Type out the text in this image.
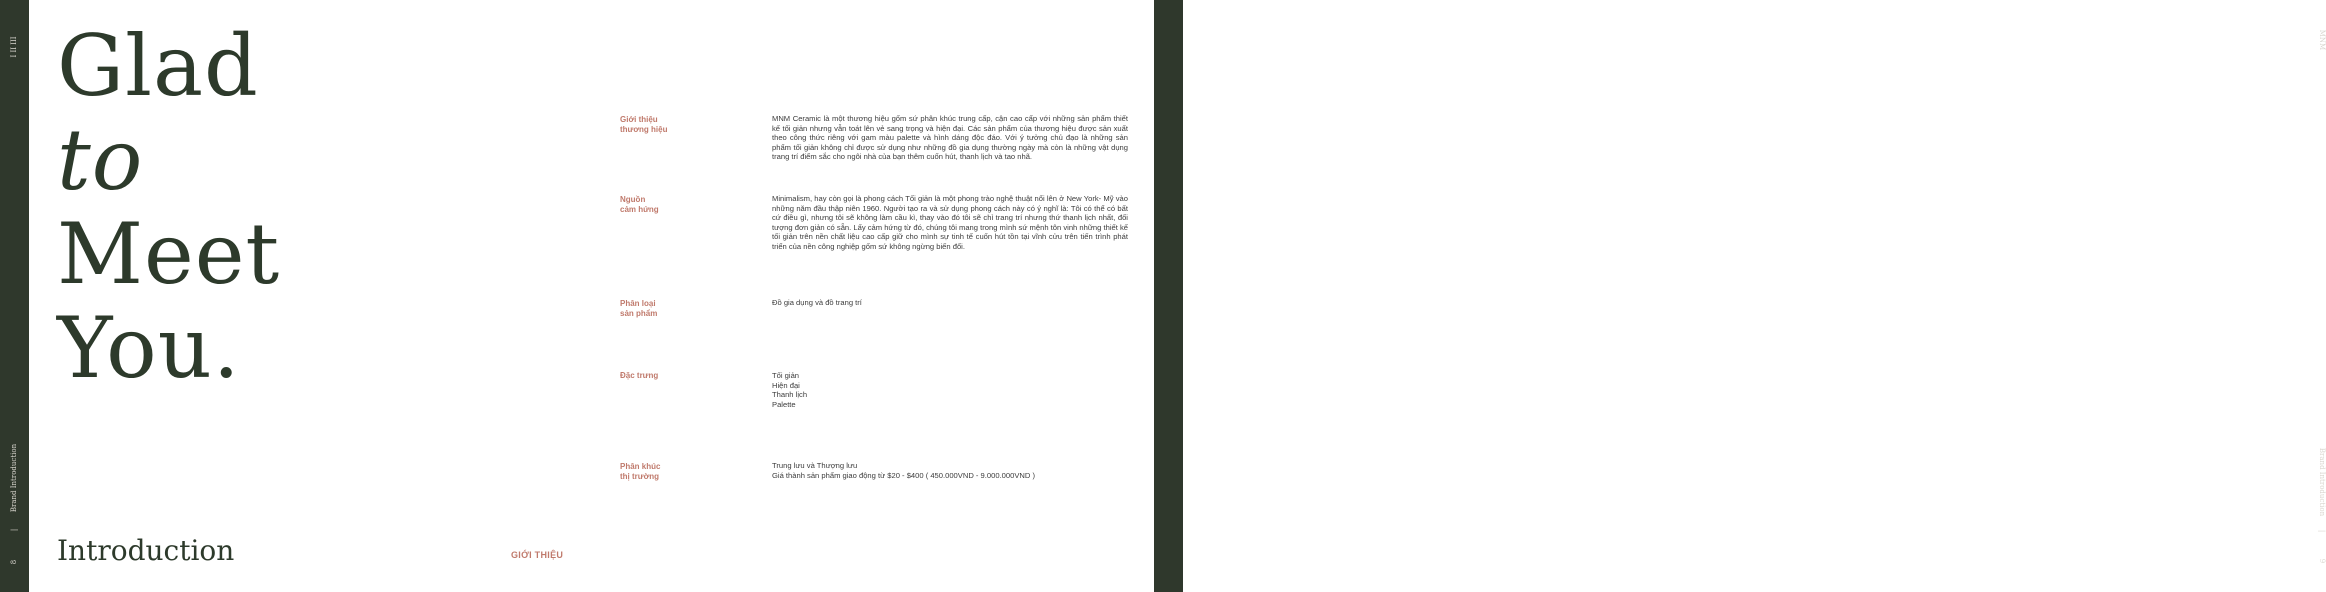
I II III
Brand Introduction
|
8
MNM
Brand Introduction
|
9
Glad
to
Meet
You.
Introduction	GIỚI THIỆU
Giới thiệu
thương hiệu
MNM Ceramic là một thương hiệu gốm sứ phân khúc trung cấp, cận cao cấp với những sản phẩm thiết kế tối giản nhưng vẫn toát lên vẻ sang trọng và hiện đại. Các sản phẩm của thương hiệu được sản xuất theo công thức riêng với gam màu palette và hình dáng độc đáo. Với ý tưởng chủ đạo là những sản phẩm tối giản không chỉ được sử dụng như những đồ gia dụng thường ngày mà còn là những vật dụng trang trí điểm sắc cho ngôi nhà của bạn thêm cuốn hút, thanh lịch và tao nhã.
Nguồn
cảm hứng
Minimalism, hay còn gọi là phong cách Tối giản là một phong trào nghệ thuật nổi lên ở New York- Mỹ vào những năm đầu thập niên 1960. Người tạo ra và sử dụng phong cách này có ý nghĩ là: Tôi có thể có bất cứ điều gì, nhưng tôi sẽ không làm cầu kì, thay vào đó tôi sẽ chỉ trang trí nhưng thứ thanh lịch nhất, đối tượng đơn giản có sẵn. Lấy cảm hứng từ đó, chúng tôi mang trong mình sứ mệnh tôn vinh những thiết kế tối giản trên nền chất liệu cao cấp giữ cho mình sự tinh tế cuốn hút tồn tại vĩnh cửu trên tiến trình phát triển của nền công nghiệp gốm sứ không ngừng biến đổi.
Phân loại
sản phẩm
Đồ gia dụng và đồ trang trí
Đặc trưng	Tối giản
Hiện đại
Thanh lịch
Palette
Phân khúc
thị trường
Trung lưu và Thượng lưu
Giá thành sản phẩm giao động từ $20 - $400 ( 450.000VND - 9.000.000VND )
